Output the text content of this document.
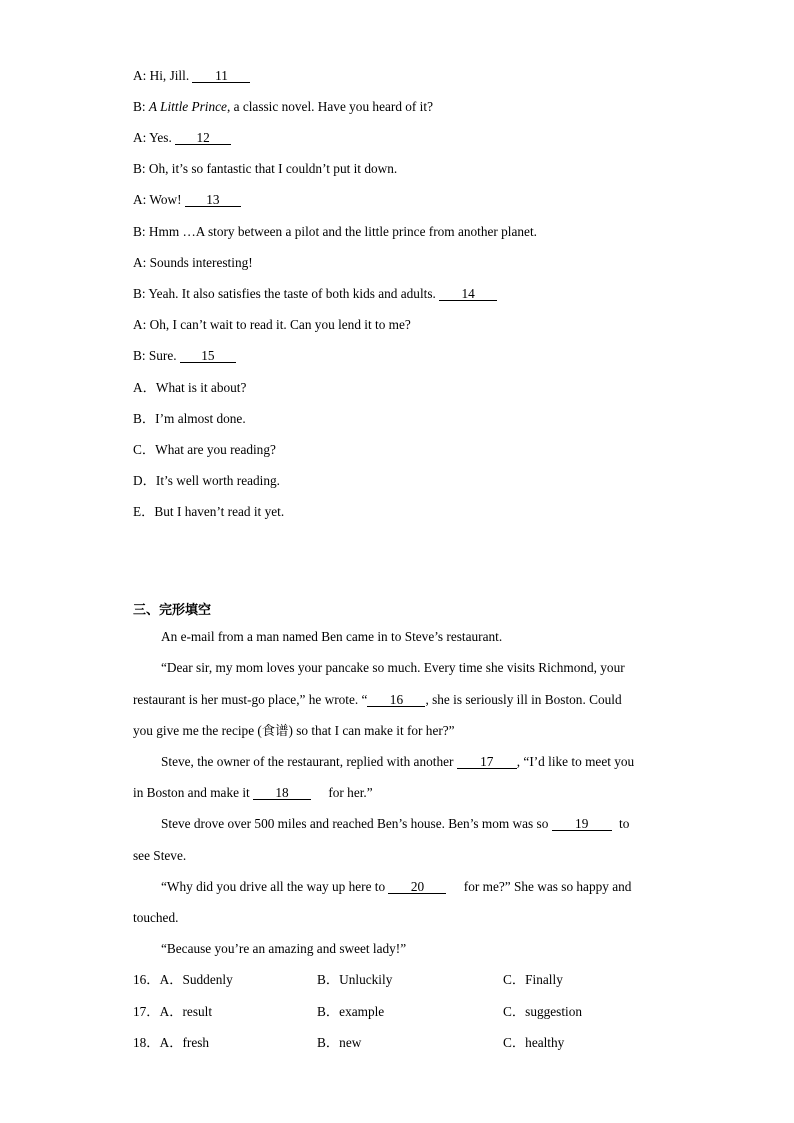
A: Hi, Jill. 11
B: A Little Prince, a classic novel. Have you heard of it?
A: Yes. 12
B: Oh, it’s so fantastic that I couldn’t put it down.
A: Wow! 13
B: Hmm …A story between a pilot and the little prince from another planet.
A: Sounds interesting!
B: Yeah. It also satisfies the taste of both kids and adults. 14
A: Oh, I can’t wait to read it. Can you lend it to me?
B: Sure. 15
A．What is it about?
B．I’m almost done.
C．What are you reading?
D．It’s well worth reading.
E．But I haven’t read it yet.
三、完形填空
An e-mail from a man named Ben came in to Steve’s restaurant.
“Dear sir, my mom loves your pancake so much. Every time she visits Richmond, your
restaurant is her must-go place,” he wrote. “ 16 , she is seriously ill in Boston. Could
you give me the recipe (食谱) so that I can make it for her?”
Steve, the owner of the restaurant, replied with another 17 , “I’d like to meet you
in Boston and make it 18	for her.”
Steve drove over 500 miles and reached Ben’s house. Ben’s mom was so 19 to
see Steve.
“Why did you drive all the way up here to 20	for me?” She was so happy and
touched.
“Because you’re an amazing and sweet lady!”
16．A．Suddenly	B．Unluckily	C．Finally
17．A．result	B．example	C．suggestion
18．A．fresh	B．new	C．healthy
